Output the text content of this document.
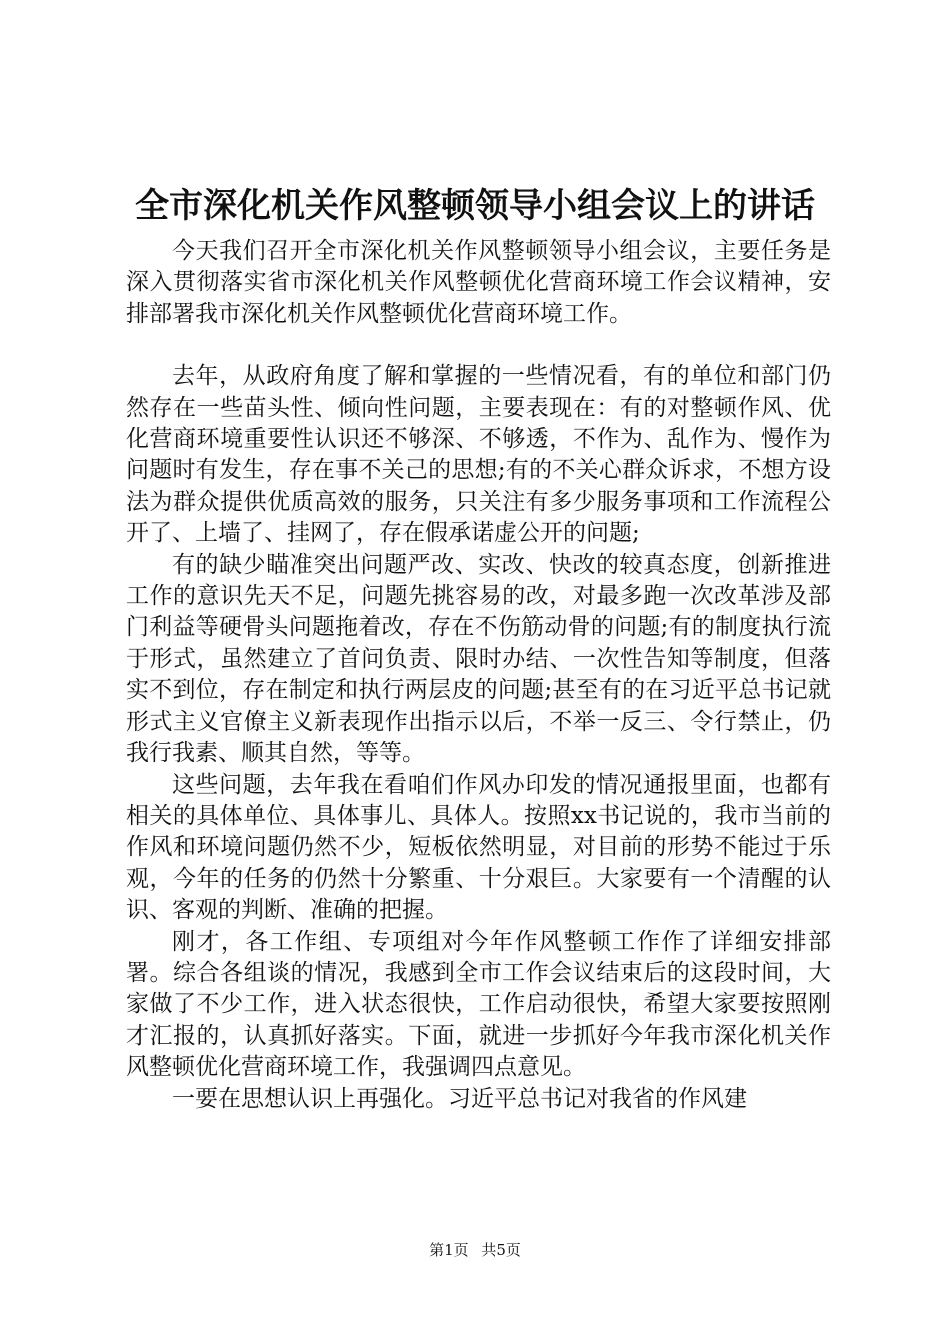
全市深化机关作风整顿领导小组会议上的讲话

今天我们召开全市深化机关作风整顿领导小组会议，主要任务是深入贯彻落实省市深化机关作风整顿优化营商环境工作会议精神，安排部署我市深化机关作风整顿优化营商环境工作。

去年，从政府角度了解和掌握的一些情况看，有的单位和部门仍然存在一些苗头性、倾向性问题，主要表现在：有的对整顿作风、优化营商环境重要性认识还不够深、不够透，不作为、乱作为、慢作为问题时有发生，存在事不关己的思想;有的不关心群众诉求，不想方设法为群众提供优质高效的服务，只关注有多少服务事项和工作流程公开了、上墙了、挂网了，存在假承诺虚公开的问题;

有的缺少瞄准突出问题严改、实改、快改的较真态度，创新推进工作的意识先天不足，问题先挑容易的改，对最多跑一次改革涉及部门利益等硬骨头问题拖着改，存在不伤筋动骨的问题;有的制度执行流于形式，虽然建立了首问负责、限时办结、一次性告知等制度，但落实不到位，存在制定和执行两层皮的问题;甚至有的在习近平总书记就形式主义官僚主义新表现作出指示以后，不举一反三、令行禁止，仍我行我素、顺其自然，等等。

这些问题，去年我在看咱们作风办印发的情况通报里面，也都有相关的具体单位、具体事儿、具体人。按照xx书记说的，我市当前的作风和环境问题仍然不少，短板依然明显，对目前的形势不能过于乐观，今年的任务的仍然十分繁重、十分艰巨。大家要有一个清醒的认识、客观的判断、准确的把握。

刚才，各工作组、专项组对今年作风整顿工作作了详细安排部署。综合各组谈的情况，我感到全市工作会议结束后的这段时间，大家做了不少工作，进入状态很快，工作启动很快，希望大家要按照刚才汇报的，认真抓好落实。下面，就进一步抓好今年我市深化机关作风整顿优化营商环境工作，我强调四点意见。

一要在思想认识上再强化。习近平总书记对我省的作风建

第1页 共5页
